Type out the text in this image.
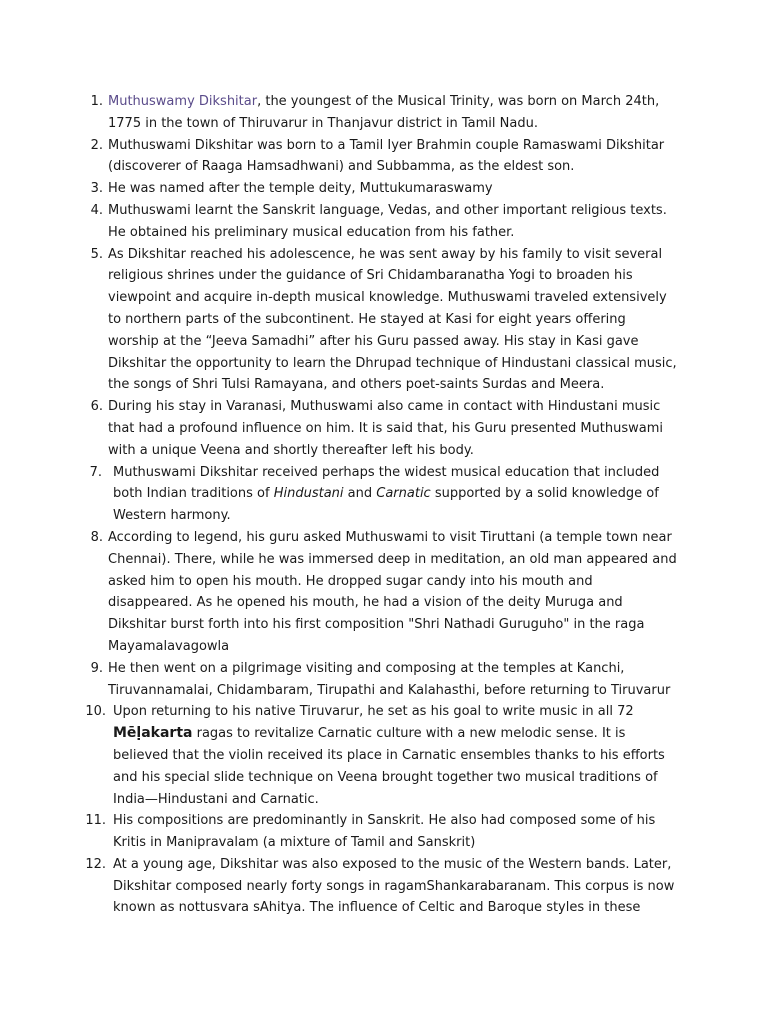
1. Muthuswamy Dikshitar, the youngest of the Musical Trinity, was born on March 24th, 1775 in the town of Thiruvarur in Thanjavur district in Tamil Nadu.
2. Muthuswami Dikshitar was born to a Tamil Iyer Brahmin couple Ramaswami Dikshitar (discoverer of Raaga Hamsadhwani) and Subbamma, as the eldest son.
3. He was named after the temple deity, Muttukumaraswamy
4. Muthuswami learnt the Sanskrit language, Vedas, and other important religious texts. He obtained his preliminary musical education from his father.
5. As Dikshitar reached his adolescence, he was sent away by his family to visit several religious shrines under the guidance of Sri Chidambaranatha Yogi to broaden his viewpoint and acquire in-depth musical knowledge. Muthuswami traveled extensively to northern parts of the subcontinent. He stayed at Kasi for eight years offering worship at the “Jeeva Samadhi” after his Guru passed away. His stay in Kasi gave Dikshitar the opportunity to learn the Dhrupad technique of Hindustani classical music, the songs of Shri Tulsi Ramayana, and others poet-saints Surdas and Meera.
6. During his stay in Varanasi, Muthuswami also came in contact with Hindustani music that had a profound influence on him. It is said that, his Guru presented Muthuswami with a unique Veena and shortly thereafter left his body.
7. Muthuswami Dikshitar received perhaps the widest musical education that included both Indian traditions of Hindustani and Carnatic supported by a solid knowledge of Western harmony.
8. According to legend, his guru asked Muthuswami to visit Tiruttani (a temple town near Chennai). There, while he was immersed deep in meditation, an old man appeared and asked him to open his mouth. He dropped sugar candy into his mouth and disappeared. As he opened his mouth, he had a vision of the deity Muruga and Dikshitar burst forth into his first composition "Shri Nathadi Guruguho" in the raga Mayamalavagowla
9. He then went on a pilgrimage visiting and composing at the temples at Kanchi, Tiruvannamalai, Chidambaram, Tirupathi and Kalahasthi, before returning to Tiruvarur
10. Upon returning to his native Tiruvarur, he set as his goal to write music in all 72 Mēḷakarta ragas to revitalize Carnatic culture with a new melodic sense. It is believed that the violin received its place in Carnatic ensembles thanks to his efforts and his special slide technique on Veena brought together two musical traditions of India—Hindustani and Carnatic.
11. His compositions are predominantly in Sanskrit. He also had composed some of his Kritis in Manipravalam (a mixture of Tamil and Sanskrit)
12. At a young age, Dikshitar was also exposed to the music of the Western bands. Later, Dikshitar composed nearly forty songs in ragamShankarabaranam. This corpus is now known as nottusvara sAhitya. The influence of Celtic and Baroque styles in these
